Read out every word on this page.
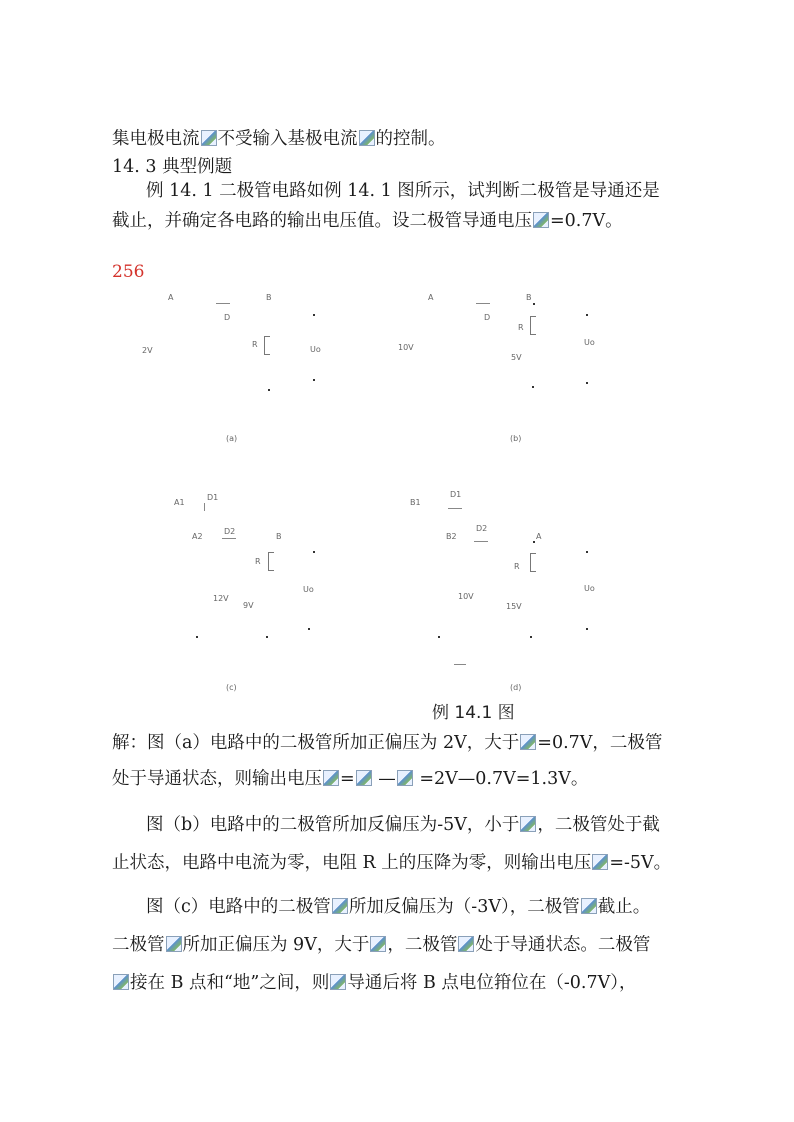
集电极电流 不受输入基极电流 的控制。
14. 3 典型例题
例 14. 1 二极管电路如例 14. 1 图所示，试判断二极管是导通还是
截止，并确定各电路的输出电压值。设二极管导通电压 =0.7V。
256
A	B
D
R
2V	Uo
(a)
A	B
D
R
10V
Uo
5V
(b)
A1
D1
A2
D2
B
R
Uo
12V
9V
(c)
B1
D1
D2
B2	A
R
Uo
10V
15V
(d)
例 14.1 图
解：图（a）电路中的二极管所加正偏压为 2V，大于 =0.7V，二极管
处于导通状态，则输出电压 = — =2V—0.7V=1.3V。
图（b）电路中的二极管所加反偏压为-5V，小于 ，二极管处于截
止状态，电路中电流为零，电阻 R 上的压降为零，则输出电压 =-5V。
图（c）电路中的二极管 所加反偏压为（-3V），二极管 截止。
二极管 所加正偏压为 9V，大于 ，二极管 处于导通状态。二极管
接在 B 点和“地”之间，则 导通后将 B 点电位箝位在（-0.7V），
